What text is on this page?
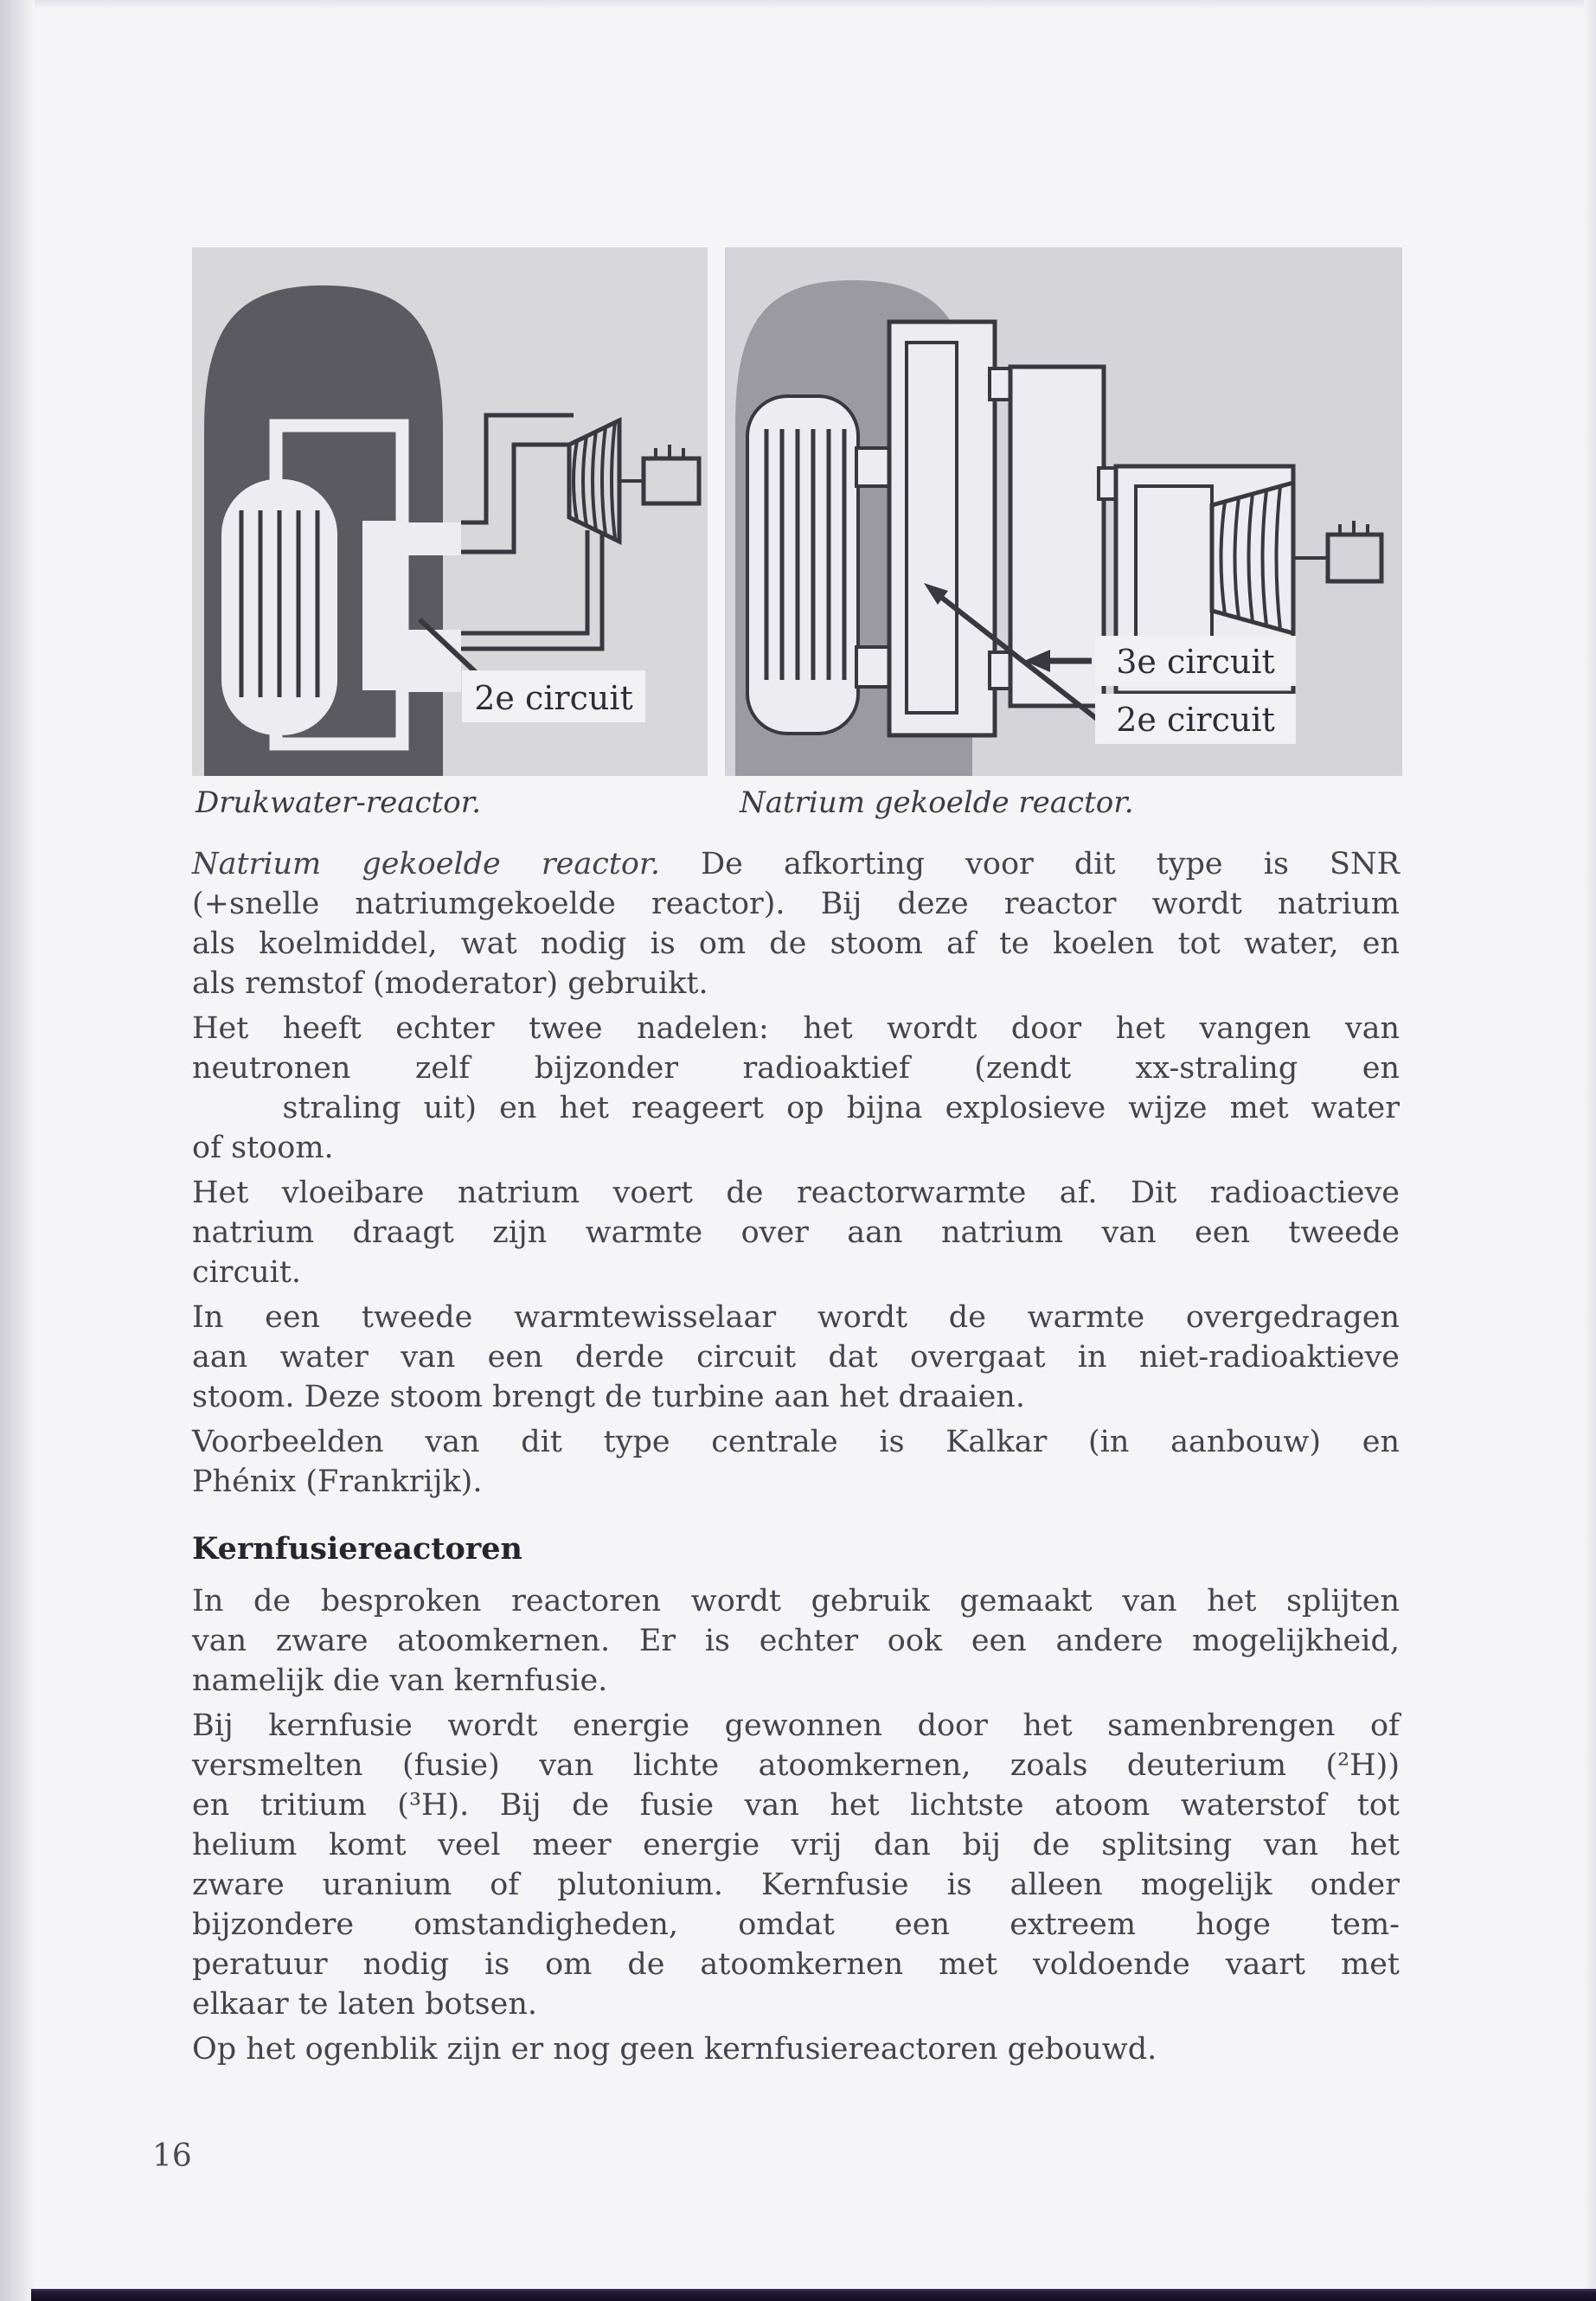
2e circuit
3e circuit
2e circuit
Drukwater-reactor.	Natrium gekoelde reactor.
Natrium gekoelde reactor. De afkorting voor dit type is SNR
(+snelle natriumgekoelde reactor). Bij deze reactor wordt natrium
als koelmiddel, wat nodig is om de stoom af te koelen tot water, en
als remstof (moderator) gebruikt.
Het heeft echter twee nadelen: het wordt door het vangen van
neutronen zelf bijzonder radioaktief (zendt xx-straling en
straling uit) en het reageert op bijna explosieve wijze met water
of stoom.
Het vloeibare natrium voert de reactorwarmte af. Dit radioactieve
natrium draagt zijn warmte over aan natrium van een tweede
circuit.
In een tweede warmtewisselaar wordt de warmte overgedragen
aan water van een derde circuit dat overgaat in niet-radioaktieve
stoom. Deze stoom brengt de turbine aan het draaien.
Voorbeelden van dit type centrale is Kalkar (in aanbouw) en
Phénix (Frankrijk).
Kernfusiereactoren
In de besproken reactoren wordt gebruik gemaakt van het splijten
van zware atoomkernen. Er is echter ook een andere mogelijkheid,
namelijk die van kernfusie.
Bij kernfusie wordt energie gewonnen door het samenbrengen of
versmelten (fusie) van lichte atoomkernen, zoals deuterium (²H))
en tritium (³H). Bij de fusie van het lichtste atoom waterstof tot
helium komt veel meer energie vrij dan bij de splitsing van het
zware uranium of plutonium. Kernfusie is alleen mogelijk onder
bijzondere omstandigheden, omdat een extreem hoge tem-
peratuur nodig is om de atoomkernen met voldoende vaart met
elkaar te laten botsen.
Op het ogenblik zijn er nog geen kernfusiereactoren gebouwd.
16
